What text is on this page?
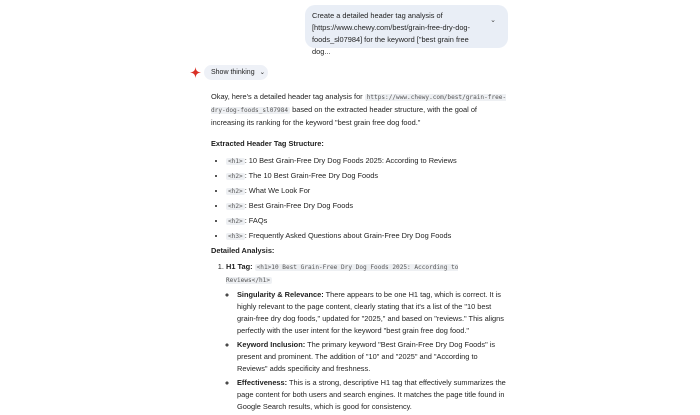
Create a detailed header tag analysis of [https://www.chewy.com/best/grain-free-dry-dog-foods_sl07984] for the keyword ["best grain free dog...
⌄
Show thinking ⌄

Okay, here's a detailed header tag analysis for https://www.chewy.com/best/grain-free-dry-dog-foods_sl07984 based on the extracted header structure, with the goal of increasing its ranking for the keyword "best grain free dog food."

Extracted Header Tag Structure:

• <h1> : 10 Best Grain-Free Dry Dog Foods 2025: According to Reviews
• <h2> : The 10 Best Grain-Free Dry Dog Foods
• <h2> : What We Look For
• <h2> : Best Grain-Free Dry Dog Foods
• <h2> : FAQs
• <h3> : Frequently Asked Questions about Grain-Free Dry Dog Foods

Detailed Analysis:

1. H1 Tag: <h1>10 Best Grain-Free Dry Dog Foods 2025: According to Reviews</h1>
◦ Singularity & Relevance: There appears to be one H1 tag, which is correct. It is highly relevant to the page content, clearly stating that it's a list of the "10 best grain-free dry dog foods," updated for "2025," and based on "reviews." This aligns perfectly with the user intent for the keyword "best grain free dog food."
◦ Keyword Inclusion: The primary keyword "Best Grain-Free Dry Dog Foods" is present and prominent. The addition of "10" and "2025" and "According to Reviews" adds specificity and freshness.
◦ Effectiveness: This is a strong, descriptive H1 tag that effectively summarizes the page content for both users and search engines. It matches the page title found in Google Search results, which is good for consistency.
